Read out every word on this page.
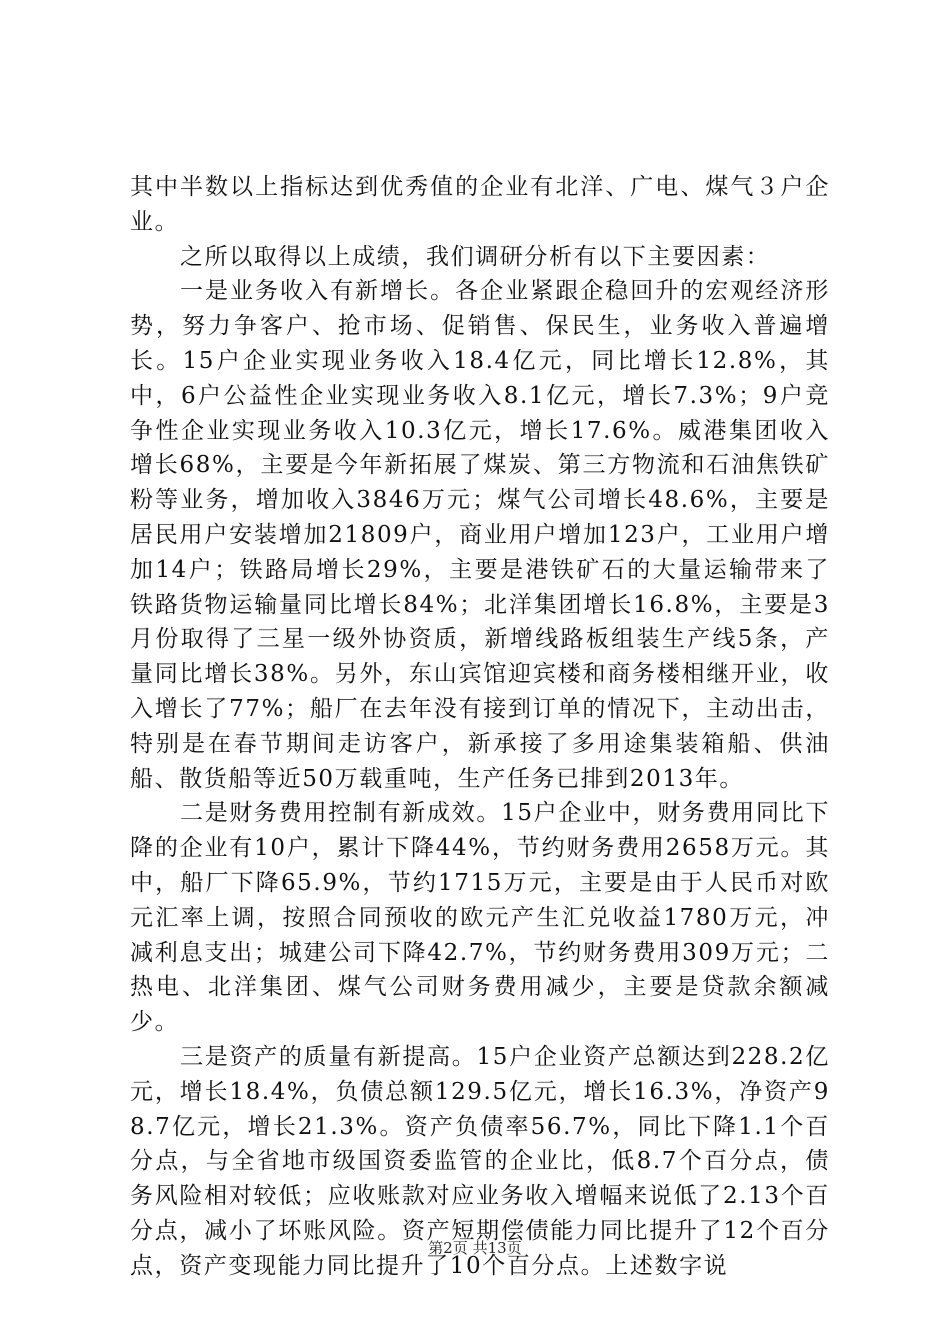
其中半数以上指标达到优秀值的企业有北洋、广电、煤气３户企业。

之所以取得以上成绩，我们调研分析有以下主要因素：

一是业务收入有新增长。各企业紧跟企稳回升的宏观经济形势，努力争客户、抢市场、促销售、保民生，业务收入普遍增长。15户企业实现业务收入18.4亿元，同比增长12.8%，其中，6户公益性企业实现业务收入8.1亿元，增长7.3%；9户竞争性企业实现业务收入10.3亿元，增长17.6%。威港集团收入增长68%，主要是今年新拓展了煤炭、第三方物流和石油焦铁矿粉等业务，增加收入3846万元；煤气公司增长48.6%，主要是居民用户安装增加21809户，商业用户增加123户，工业用户增加14户；铁路局增长29%，主要是港铁矿石的大量运输带来了铁路货物运输量同比增长84%；北洋集团增长16.8%，主要是3月份取得了三星一级外协资质，新增线路板组装生产线5条，产量同比增长38%。另外，东山宾馆迎宾楼和商务楼相继开业，收入增长了77%；船厂在去年没有接到订单的情况下，主动出击，特别是在春节期间走访客户，新承接了多用途集装箱船、供油船、散货船等近50万载重吨，生产任务已排到2013年。

二是财务费用控制有新成效。15户企业中，财务费用同比下降的企业有10户，累计下降44%，节约财务费用2658万元。其中，船厂下降65.9%，节约1715万元，主要是由于人民币对欧元汇率上调，按照合同预收的欧元产生汇兑收益1780万元，冲减利息支出；城建公司下降42.7%，节约财务费用309万元；二热电、北洋集团、煤气公司财务费用减少，主要是贷款余额减少。

三是资产的质量有新提高。15户企业资产总额达到228.2亿元，增长18.4%，负债总额129.5亿元，增长16.3%，净资产98.7亿元，增长21.3%。资产负债率56.7%，同比下降1.1个百分点，与全省地市级国资委监管的企业比，低8.7个百分点，债务风险相对较低；应收账款对应业务收入增幅来说低了2.13个百分点，减小了坏账风险。资产短期偿债能力同比提升了12个百分点，资产变现能力同比提升了10个百分点。上述数字说

第2页 共13页
